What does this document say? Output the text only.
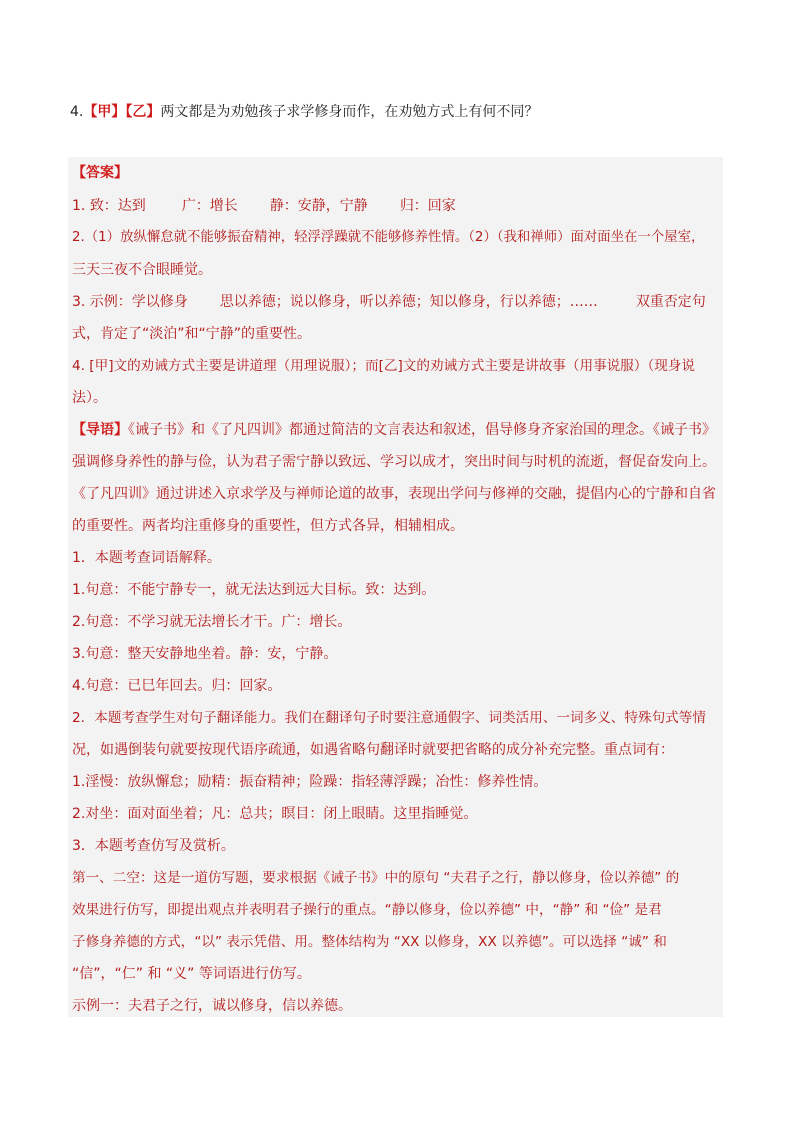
4.【甲】【乙】两文都是为劝勉孩子求学修身而作，在劝勉方式上有何不同？
【答案】
1. 致：达到	广：增长 静：安静，宁静 归：回家
2.（1）放纵懈怠就不能够振奋精神，轻浮浮躁就不能够修养性情。（2）（我和禅师）面对面坐在一个屋室，
三天三夜不合眼睡觉。
3. 示例：学以修身 思以养德；说以修身，听以养德；知以修身，行以养德；……	双重否定句
式，肯定了“淡泊”和“宁静”的重要性。
4. [甲]文的劝诫方式主要是讲道理（用理说服）；而[乙]文的劝诫方式主要是讲故事（用事说服）（现身说
法）。
【导语】《诫子书》和《了凡四训》都通过简洁的文言表达和叙述，倡导修身齐家治国的理念。《诫子书》
强调修身养性的静与俭，认为君子需宁静以致远、学习以成才，突出时间与时机的流逝，督促奋发向上。
《了凡四训》通过讲述入京求学及与禅师论道的故事，表现出学问与修禅的交融，提倡内心的宁静和自省
的重要性。两者均注重修身的重要性，但方式各异，相辅相成。
1．本题考查词语解释。
1.句意：不能宁静专一，就无法达到远大目标。致：达到。
2.句意：不学习就无法增长才干。广：增长。
3.句意：整天安静地坐着。静：安，宁静。
4.句意：已巳年回去。归：回家。
2．本题考查学生对句子翻译能力。我们在翻译句子时要注意通假字、词类活用、一词多义、特殊句式等情
况，如遇倒装句就要按现代语序疏通，如遇省略句翻译时就要把省略的成分补充完整。重点词有：
1.淫慢：放纵懈怠；励精：振奋精神；险躁：指轻薄浮躁；冶性：修养性情。
2.对坐：面对面坐着；凡：总共；瞑目：闭上眼睛。这里指睡觉。
3．本题考查仿写及赏析。
第一、二空：这是一道仿写题，要求根据《诫子书》中的原句 “夫君子之行，静以修身，俭以养德” 的
效果进行仿写，即提出观点并表明君子操行的重点。“静以修身，俭以养德” 中，“静” 和 “俭” 是君
子修身养德的方式，“以” 表示凭借、用。整体结构为 “XX 以修身，XX 以养德”。可以选择 “诚” 和
“信”，“仁” 和 “义” 等词语进行仿写。
示例一：夫君子之行，诚以修身，信以养德。
